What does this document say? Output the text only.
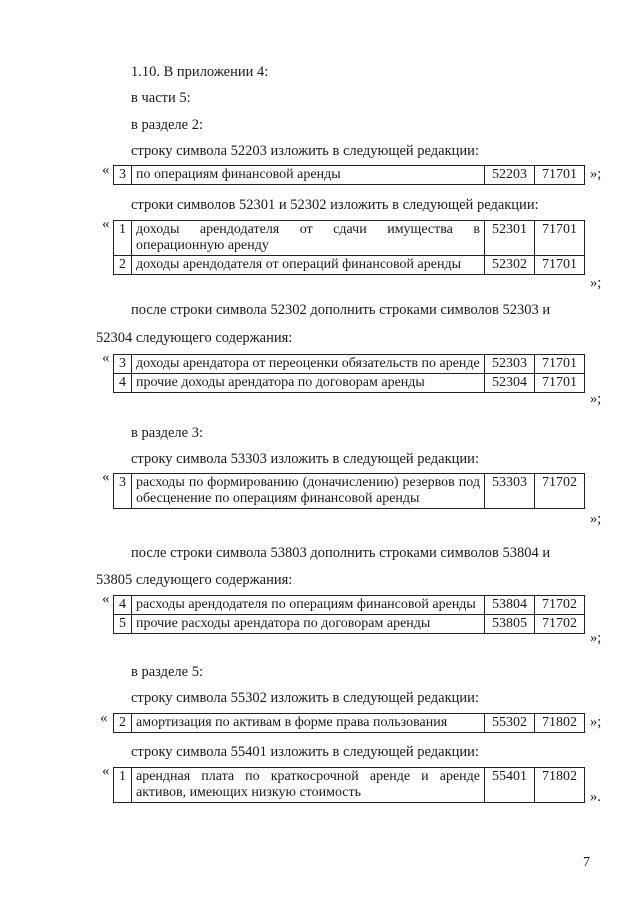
1.10. В приложении 4:
в части 5:
в разделе 2:
строку символа 52203 изложить в следующей редакции:
« 3	по операциям финансовой аренды	52203	71701 »;
строки символов 52301 и 52302 изложить в следующей редакции:
« 1	доходы арендодателя от сдачи имущества в операционную аренду	52301	71701
2	доходы арендодателя от операций финансовой аренды	52302	71701
»;
после строки символа 52302 дополнить строками символов 52303 и
52304 следующего содержания:
« 3	доходы арендатора от переоценки обязательств по аренде	52303	71701
4	прочие доходы арендатора по договорам аренды	52304	71701
»;
в разделе 3:
строку символа 53303 изложить в следующей редакции:
« 3	расходы по формированию (доначислению) резервов под обесценение по операциям финансовой аренды	53303	71702
»;
после строки символа 53803 дополнить строками символов 53804 и
53805 следующего содержания:
« 4	расходы арендодателя по операциям финансовой аренды	53804	71702
5	прочие расходы арендатора по договорам аренды	53805	71702
»;
в разделе 5:
строку символа 55302 изложить в следующей редакции:
« 2	амортизация по активам в форме права пользования	55302	71802 »;
строку символа 55401 изложить в следующей редакции:
« 1	арендная плата по краткосрочной аренде и аренде активов, имеющих низкую стоимость	55401	71802
».
7
